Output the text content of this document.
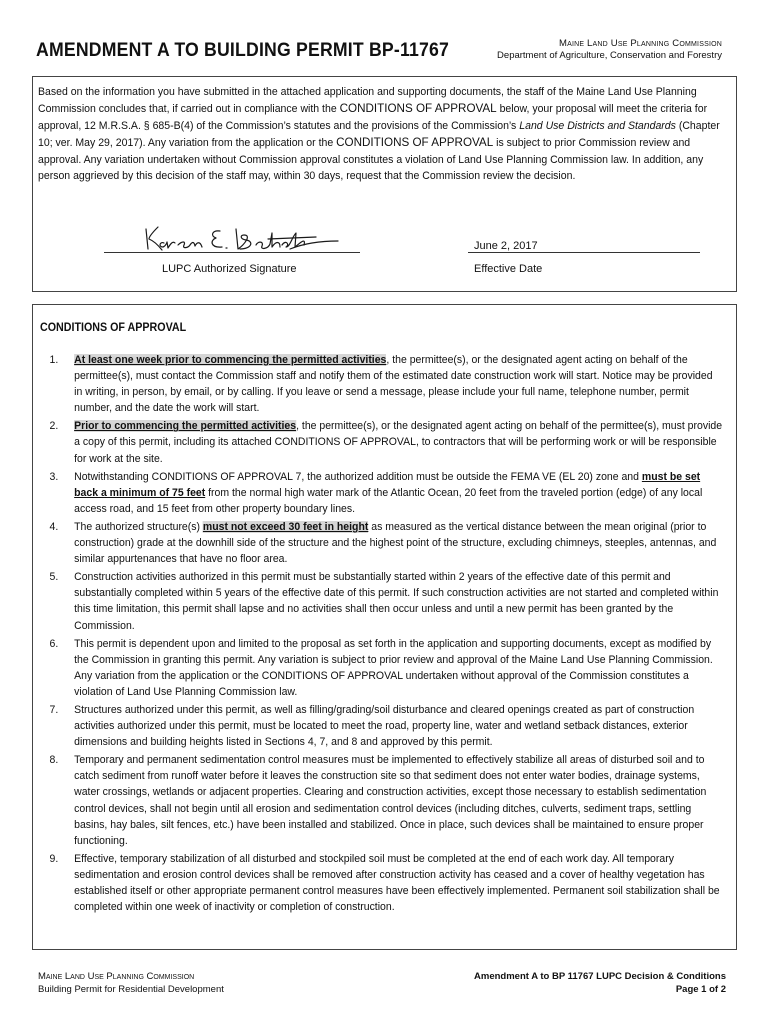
AMENDMENT A TO BUILDING PERMIT BP-11767	Maine Land Use Planning Commission
Department of Agriculture, Conservation and Forestry
Based on the information you have submitted in the attached application and supporting documents, the staff of the Maine Land Use Planning Commission concludes that, if carried out in compliance with the CONDITIONS OF APPROVAL below, your proposal will meet the criteria for approval, 12 M.R.S.A. § 685-B(4) of the Commission’s statutes and the provisions of the Commission’s Land Use Districts and Standards (Chapter 10; ver. May 29, 2017). Any variation from the application or the CONDITIONS OF APPROVAL is subject to prior Commission review and approval. Any variation undertaken without Commission approval constitutes a violation of Land Use Planning Commission law. In addition, any person aggrieved by this decision of the staff may, within 30 days, request that the Commission review the decision.
June 2, 2017
LUPC Authorized Signature	Effective Date
CONDITIONS OF APPROVAL
1. At least one week prior to commencing the permitted activities, the permittee(s), or the designated agent acting on behalf of the permittee(s), must contact the Commission staff and notify them of the estimated date construction work will start. Notice may be provided in writing, in person, by email, or by calling. If you leave or send a message, please include your full name, telephone number, permit number, and the date the work will start.
2. Prior to commencing the permitted activities, the permittee(s), or the designated agent acting on behalf of the permittee(s), must provide a copy of this permit, including its attached CONDITIONS OF APPROVAL, to contractors that will be performing work or will be responsible for work at the site.
3. Notwithstanding CONDITIONS OF APPROVAL 7, the authorized addition must be outside the FEMA VE (EL 20) zone and must be set back a minimum of 75 feet from the normal high water mark of the Atlantic Ocean, 20 feet from the traveled portion (edge) of any local access road, and 15 feet from other property boundary lines.
4. The authorized structure(s) must not exceed 30 feet in height as measured as the vertical distance between the mean original (prior to construction) grade at the downhill side of the structure and the highest point of the structure, excluding chimneys, steeples, antennas, and similar appurtenances that have no floor area.
5. Construction activities authorized in this permit must be substantially started within 2 years of the effective date of this permit and substantially completed within 5 years of the effective date of this permit. If such construction activities are not started and completed within this time limitation, this permit shall lapse and no activities shall then occur unless and until a new permit has been granted by the Commission.
6. This permit is dependent upon and limited to the proposal as set forth in the application and supporting documents, except as modified by the Commission in granting this permit. Any variation is subject to prior review and approval of the Maine Land Use Planning Commission. Any variation from the application or the CONDITIONS OF APPROVAL undertaken without approval of the Commission constitutes a violation of Land Use Planning Commission law.
7. Structures authorized under this permit, as well as filling/grading/soil disturbance and cleared openings created as part of construction activities authorized under this permit, must be located to meet the road, property line, water and wetland setback distances, exterior dimensions and building heights listed in Sections 4, 7, and 8 and approved by this permit.
8. Temporary and permanent sedimentation control measures must be implemented to effectively stabilize all areas of disturbed soil and to catch sediment from runoff water before it leaves the construction site so that sediment does not enter water bodies, drainage systems, water crossings, wetlands or adjacent properties. Clearing and construction activities, except those necessary to establish sedimentation control devices, shall not begin until all erosion and sedimentation control devices (including ditches, culverts, sediment traps, settling basins, hay bales, silt fences, etc.) have been installed and stabilized. Once in place, such devices shall be maintained to ensure proper functioning.
9. Effective, temporary stabilization of all disturbed and stockpiled soil must be completed at the end of each work day. All temporary sedimentation and erosion control devices shall be removed after construction activity has ceased and a cover of healthy vegetation has established itself or other appropriate permanent control measures have been effectively implemented. Permanent soil stabilization shall be completed within one week of inactivity or completion of construction.
Maine Land Use Planning Commission
Building Permit for Residential Development
Amendment A to BP 11767 LUPC Decision & Conditions
Page 1 of 2
